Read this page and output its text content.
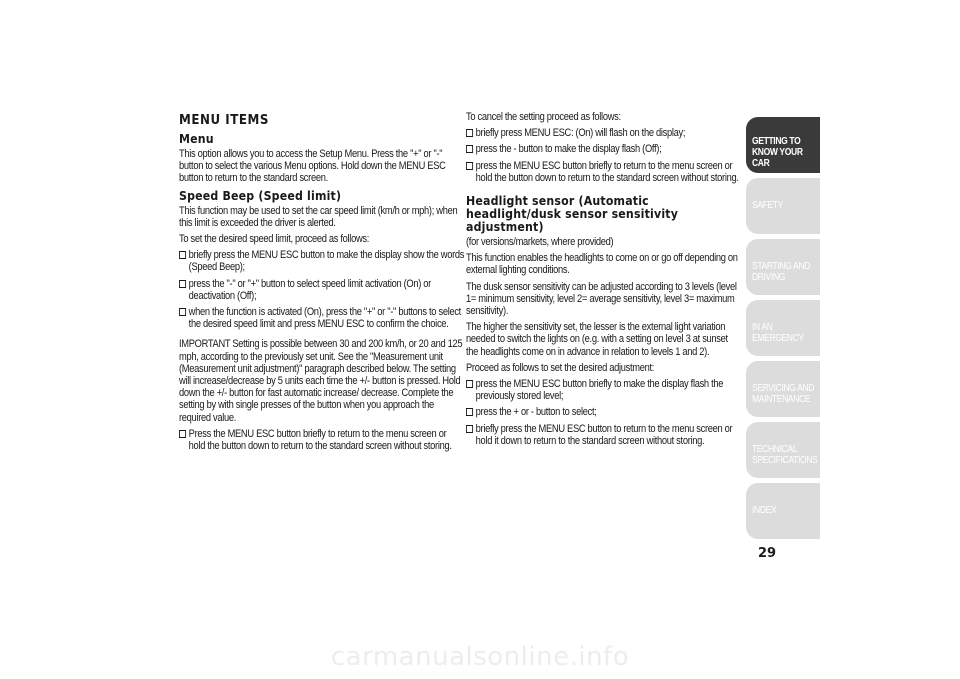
MENU ITEMS
Menu

This option allows you to access the Setup Menu. Press the "+" or "-" button to select the various Menu options. Hold down the MENU ESC button to return to the standard screen.

Speed Beep (Speed limit)

This function may be used to set the car speed limit (km/h or mph); when this limit is exceeded the driver is alerted.

To set the desired speed limit, proceed as follows:

briefly press the MENU ESC button to make the display show the words (Speed Beep);
press the "-" or "+" button to select speed limit activation (On) or deactivation (Off);
when the function is activated (On), press the "+" or "-" buttons to select the desired speed limit and press MENU ESC to confirm the choice.

IMPORTANT Setting is possible between 30 and 200 km/h, or 20 and 125 mph, according to the previously set unit. See the "Measurement unit (Measurement unit adjustment)" paragraph described below. The setting will increase/decrease by 5 units each time the +/- button is pressed. Hold down the +/- button for fast automatic increase/ decrease. Complete the setting by with single presses of the button when you approach the required value.

Press the MENU ESC button briefly to return to the menu screen or hold the button down to return to the standard screen without storing.

To cancel the setting proceed as follows:

briefly press MENU ESC: (On) will flash on the display;
press the - button to make the display flash (Off);
press the MENU ESC button briefly to return to the menu screen or hold the button down to return to the standard screen without storing.
Headlight sensor (Automatic headlight/dusk sensor sensitivity adjustment)

(for versions/markets, where provided)

This function enables the headlights to come on or go off depending on external lighting conditions.

The dusk sensor sensitivity can be adjusted according to 3 levels (level 1= minimum sensitivity, level 2= average sensitivity, level 3= maximum sensitivity).

The higher the sensitivity set, the lesser is the external light variation needed to switch the lights on (e.g. with a setting on level 3 at sunset the headlights come on in advance in relation to levels 1 and 2).

Proceed as follows to set the desired adjustment:

press the MENU ESC button briefly to make the display flash the previously stored level;
press the + or - button to select;
briefly press the MENU ESC button to return to the menu screen or hold it down to return to the standard screen without storing.
GETTING TO KNOW YOUR CAR
SAFETY
STARTING AND DRIVING
IN AN EMERGENCY
SERVICING AND MAINTENANCE
TECHNICAL SPECIFICATIONS
INDEX
29
carmanualsonline.info
